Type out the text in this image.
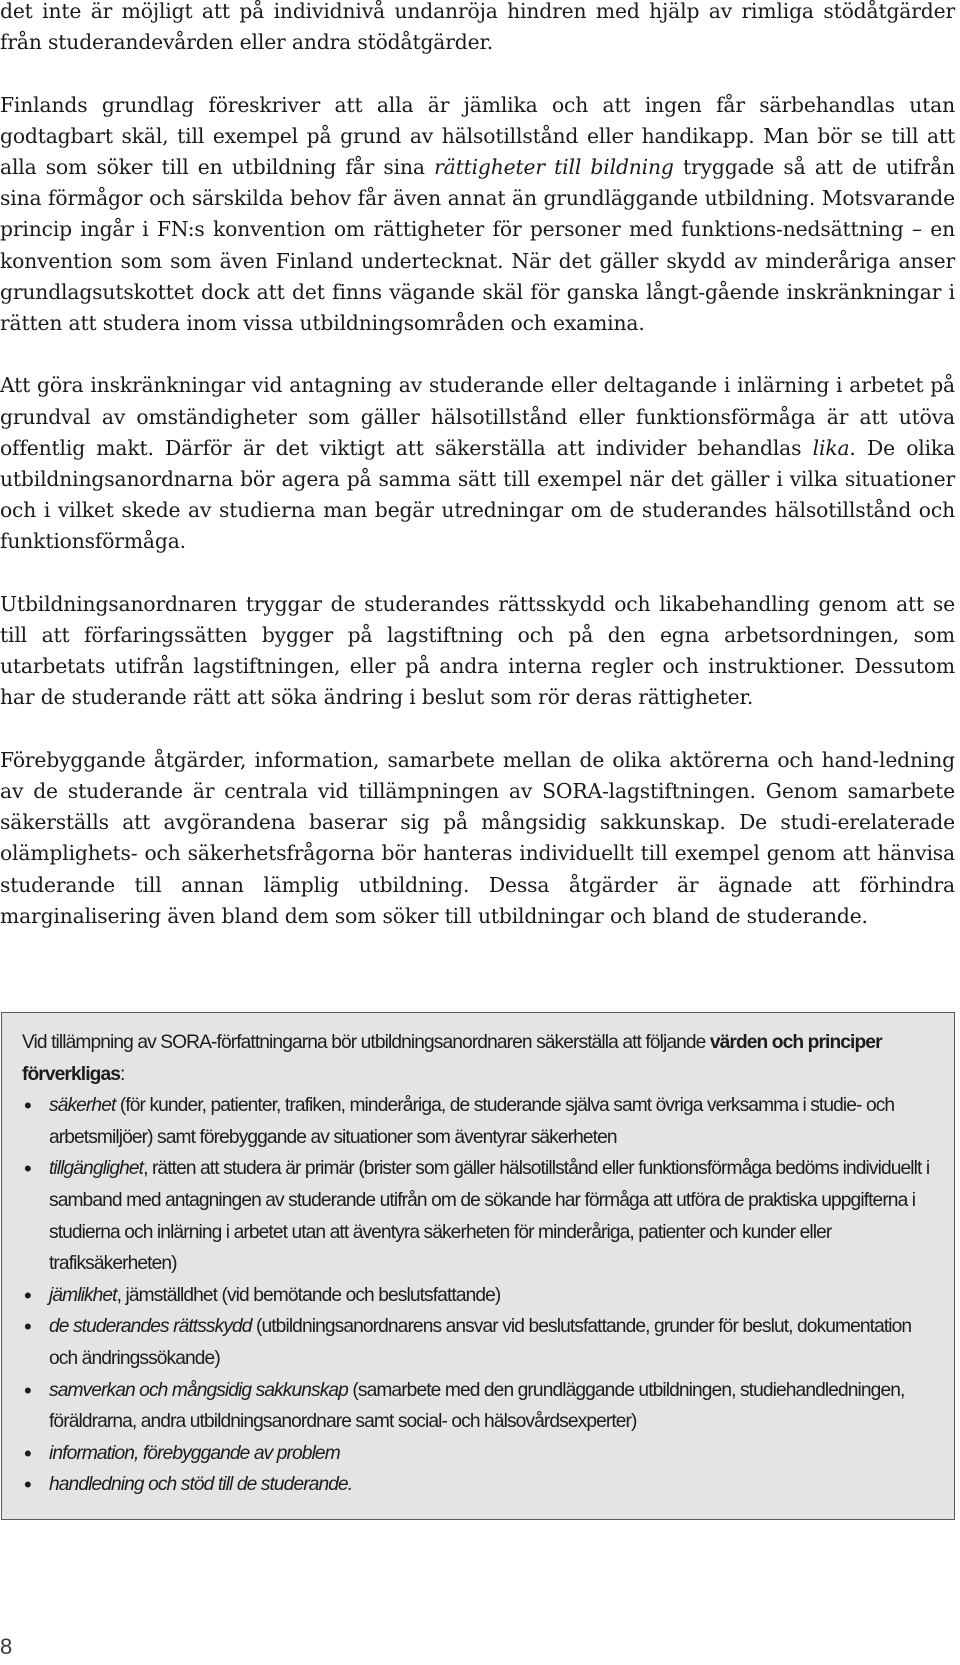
det inte är möjligt att på individnivå undanröja hindren med hjälp av rimliga stödåtgärder från studerandevården eller andra stödåtgärder.

Finlands grundlag föreskriver att alla är jämlika och att ingen får särbehandlas utan godtagbart skäl, till exempel på grund av hälsotillstånd eller handikapp. Man bör se till att alla som söker till en utbildning får sina rättigheter till bildning tryggade så att de utifrån sina förmågor och särskilda behov får även annat än grundläggande utbildning. Motsvarande princip ingår i FN:s konvention om rättigheter för personer med funktions-nedsättning – en konvention som som även Finland undertecknat. När det gäller skydd av minderåriga anser grundlagsutskottet dock att det finns vägande skäl för ganska långt-gående inskränkningar i rätten att studera inom vissa utbildningsområden och examina.

Att göra inskränkningar vid antagning av studerande eller deltagande i inlärning i arbetet på grundval av omständigheter som gäller hälsotillstånd eller funktionsförmåga är att utöva offentlig makt. Därför är det viktigt att säkerställa att individer behandlas lika. De olika utbildningsanordnarna bör agera på samma sätt till exempel när det gäller i vilka situationer och i vilket skede av studierna man begär utredningar om de studerandes hälsotillstånd och funktionsförmåga.

Utbildningsanordnaren tryggar de studerandes rättsskydd och likabehandling genom att se till att förfaringssätten bygger på lagstiftning och på den egna arbetsordningen, som utarbetats utifrån lagstiftningen, eller på andra interna regler och instruktioner. Dessutom har de studerande rätt att söka ändring i beslut som rör deras rättigheter.

Förebyggande åtgärder, information, samarbete mellan de olika aktörerna och hand-ledning av de studerande är centrala vid tillämpningen av SORA-lagstiftningen. Genom samarbete säkerställs att avgörandena baserar sig på mångsidig sakkunskap. De studi-erelaterade olämplighets- och säkerhetsfrågorna bör hanteras individuellt till exempel genom att hänvisa studerande till annan lämplig utbildning. Dessa åtgärder är ägnade att förhindra marginalisering även bland dem som söker till utbildningar och bland de studerande.

Vid tillämpning av SORA-författningarna bör utbildningsanordnaren säkerställa att följande värden och principer förverkligas:

• säkerhet (för kunder, patienter, trafiken, minderåriga, de studerande själva samt övriga verksamma i studie- och arbetsmiljöer) samt förebyggande av situationer som äventyrar säkerheten
• tillgänglighet, rätten att studera är primär (brister som gäller hälsotillstånd eller funktionsförmåga bedöms individuellt i samband med antagningen av studerande utifrån om de sökande har förmåga att utföra de praktiska uppgifterna i studierna och inlärning i arbetet utan att äventyra säkerheten för minderåriga, patienter och kunder eller trafiksäkerheten)
• jämlikhet, jämställdhet (vid bemötande och beslutsfattande)
• de studerandes rättsskydd (utbildningsanordnarens ansvar vid beslutsfattande, grunder för beslut, dokumentation och ändringssökande)
• samverkan och mångsidig sakkunskap (samarbete med den grundläggande utbildningen, studiehandledningen, föräldrarna, andra utbildningsanordnare samt social- och hälsovårdsexperter)
• information, förebyggande av problem
• handledning och stöd till de studerande.
8
